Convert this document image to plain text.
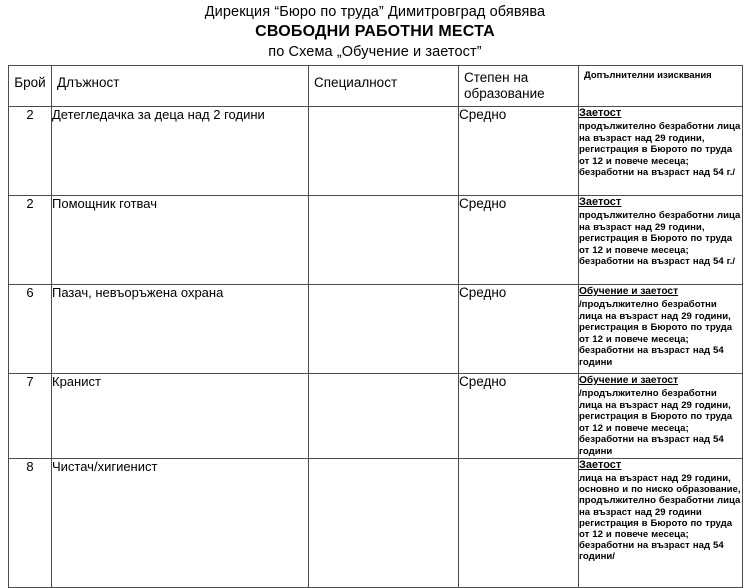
Дирекция “Бюро по труда” Димитровград обявява
СВОБОДНИ РАБОТНИ МЕСТА
по Схема „Обучение и заетост”
Брой	Длъжност	Специалност	Степен на образование	Допълнителни изисквания

2	Детегледачка за деца над 2 години		Средно	Заетост
продължително безработни лица на възраст над 29 години, регистрация в Бюрото по труда от 12 и повече месеца; безработни на възраст над 54 г./

2	Помощник готвач		Средно	Заетост
продължително безработни лица на възраст над 29 години, регистрация в Бюрото по труда от 12 и повече месеца; безработни на възраст над 54 г./

6	Пазач, невъоръжена охрана		Средно	Обучение и заетост
/продължително безработни лица на възраст над 29 години, регистрация в Бюрото по труда от 12 и повече месеца; безработни на възраст над 54 години

7	Кранист		Средно	Обучение и заетост
/продължително безработни лица на възраст над 29 години, регистрация в Бюрото по труда от 12 и повече месеца; безработни на възраст над 54 години

8	Чистач/хигиенист			Заетост
лица на възраст над 29 години, основно и по ниско образование, продължително безработни лица на възраст над 29 години регистрация в Бюрото по труда от 12 и повече месеца; безработни на възраст над 54 години/
